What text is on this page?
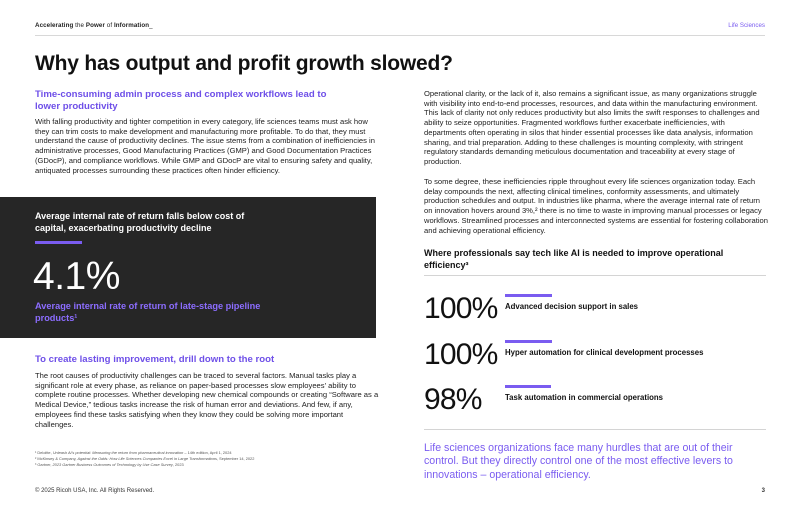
Accelerating the Power of Information_	Life Sciences
Why has output and profit growth slowed?
Time-consuming admin process and complex workflows lead to lower productivity

With falling productivity and tighter competition in every category, life sciences teams must ask how they can trim costs to make development and manufacturing more profitable. To do that, they must understand the cause of productivity declines. The issue stems from a combination of inefficiencies in administrative processes, Good Manufacturing Practices (GMP) and Good Documentation Practices (GDocP), and compliance workflows. While GMP and GDocP are vital to ensuring safety and quality, antiquated processes surrounding these practices often hinder efficiency.

Average internal rate of return falls below cost of capital, exacerbating productivity decline
4.1%
Average internal rate of return of late-stage pipeline products¹
To create lasting improvement, drill down to the root

The root causes of productivity challenges can be traced to several factors. Manual tasks play a significant role at every phase, as reliance on paper-based processes slow employees' ability to complete routine processes. Whether developing new chemical compounds or creating “Software as a Medical Device,” tedious tasks increase the risk of human error and deviations. And few, if any, employees find these tasks satisfying when they know they could be solving more important challenges.

¹ Deloitte, Unleash AI's potential: Measuring the return from pharmaceutical innovation – 14th edition, April 1, 2024
² McKinsey & Company, Against the Odds: How Life Sciences Companies Excel in Large Transformations, September 14, 2022
³ Gartner, 2023 Gartner Business Outcomes of Technology by Use Case Survey, 2023

Operational clarity, or the lack of it, also remains a significant issue, as many organizations struggle with visibility into end-to-end processes, resources, and data within the manufacturing environment. This lack of clarity not only reduces productivity but also limits the swift responses to challenges and ability to seize opportunities. Fragmented workflows further exacerbate inefficiencies, with departments often operating in silos that hinder essential processes like data analysis, information sharing, and trial preparation. Adding to these challenges is mounting complexity, with stringent regulatory standards demanding meticulous documentation and traceability at every stage of production.

To some degree, these inefficiencies ripple throughout every life sciences organization today. Each delay compounds the next, affecting clinical timelines, conformity assessments, and ultimately production schedules and output. In industries like pharma, where the average internal rate of return on innovation hovers around 3%,² there is no time to waste in improving manual processes or legacy workflows. Streamlined processes and interconnected systems are essential for fostering collaboration and achieving operational efficiency.

Where professionals say tech like AI is needed to improve operational efficiency³
100% Advanced decision support in sales
100% Hyper automation for clinical development processes
98%	Task automation in commercial operations
Life sciences organizations face many hurdles that are out of their control. But they directly control one of the most effective levers to innovations – operational efficiency.
© 2025 Ricoh USA, Inc. All Rights Reserved.	3
